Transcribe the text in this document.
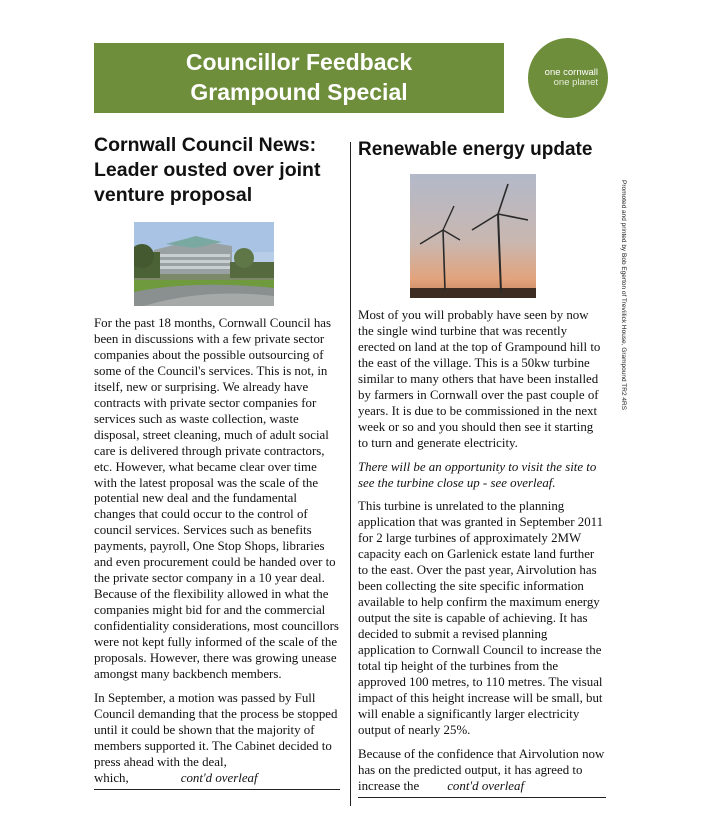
Councillor Feedback
Grampound Special
one cornwall
one planet
Cornwall Council News:
Leader ousted over joint
venture proposal

For the past 18 months, Cornwall Council has been in discussions with a few private sector companies about the possible outsourcing of some of the Council's services. This is not, in itself, new or surprising. We already have contracts with private sector companies for services such as waste collection, waste disposal, street cleaning, much of adult social care is delivered through private contractors, etc. However, what became clear over time with the latest proposal was the scale of the potential new deal and the fundamental changes that could occur to the control of council services. Services such as benefits payments, payroll, One Stop Shops, libraries and even procurement could be handed over to the private sector company in a 10 year deal. Because of the flexibility allowed in what the companies might bid for and the commercial confidentiality considerations, most councillors were not kept fully informed of the scale of the proposals. However, there was growing unease amongst many backbench members.

In September, a motion was passed by Full Council demanding that the process be stopped until it could be shown that the majority of members supported it. The Cabinet decided to press ahead with the deal, which,	cont'd overleaf

Renewable energy update

Most of you will probably have seen by now the single wind turbine that was recently erected on land at the top of Grampound hill to the east of the village. This is a 50kw turbine similar to many others that have been installed by farmers in Cornwall over the past couple of years. It is due to be commissioned in the next week or so and you should then see it starting to turn and generate electricity.

There will be an opportunity to visit the site to see the turbine close up - see overleaf.

This turbine is unrelated to the planning application that was granted in September 2011 for 2 large turbines of approximately 2MW capacity each on Garlenick estate land further to the east. Over the past year, Airvolution has been collecting the site specific information available to help confirm the maximum energy output the site is capable of achieving. It has decided to submit a revised planning application to Cornwall Council to increase the total tip height of the turbines from the approved 100 metres, to 110 metres. The visual impact of this height increase will be small, but will enable a significantly larger electricity output of nearly 25%.

Because of the confidence that Airvolution now has on the predicted output, it has agreed to increase the cont'd overleaf

Promoted and printed by Bob Egerton of Treviilick House, Grampound TR2 4RS
